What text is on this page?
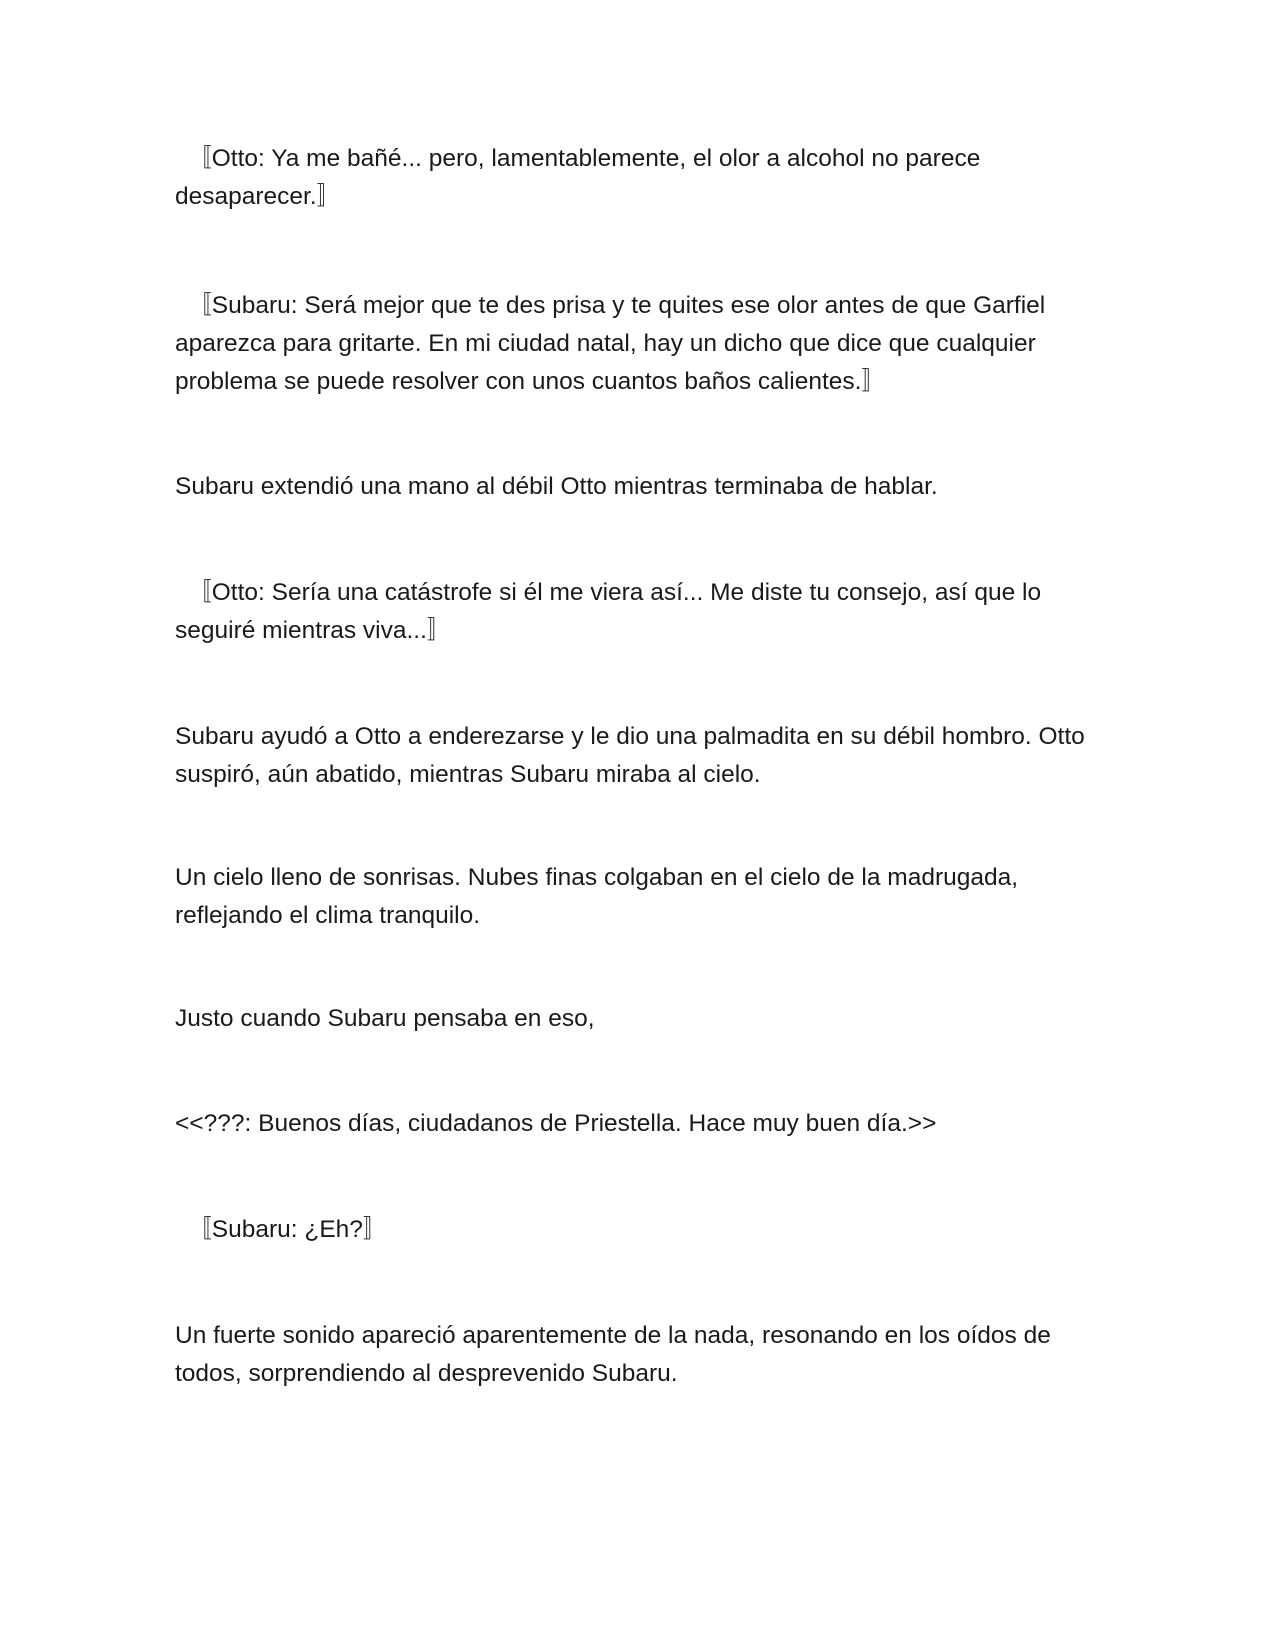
　〚Otto: Ya me bañé... pero, lamentablemente, el olor a alcohol no parece desaparecer.〛

　〚Subaru: Será mejor que te des prisa y te quites ese olor antes de que Garfiel aparezca para gritarte. En mi ciudad natal, hay un dicho que dice que cualquier problema se puede resolver con unos cuantos baños calientes.〛

Subaru extendió una mano al débil Otto mientras terminaba de hablar.

　〚Otto: Sería una catástrofe si él me viera así... Me diste tu consejo, así que lo seguiré mientras viva...〛

Subaru ayudó a Otto a enderezarse y le dio una palmadita en su débil hombro. Otto suspiró, aún abatido, mientras Subaru miraba al cielo.

Un cielo lleno de sonrisas. Nubes finas colgaban en el cielo de la madrugada, reflejando el clima tranquilo.

Justo cuando Subaru pensaba en eso,

<<???: Buenos días, ciudadanos de Priestella. Hace muy buen día.>>

　〚Subaru: ¿Eh?〛

Un fuerte sonido apareció aparentemente de la nada, resonando en los oídos de todos, sorprendiendo al desprevenido Subaru.
